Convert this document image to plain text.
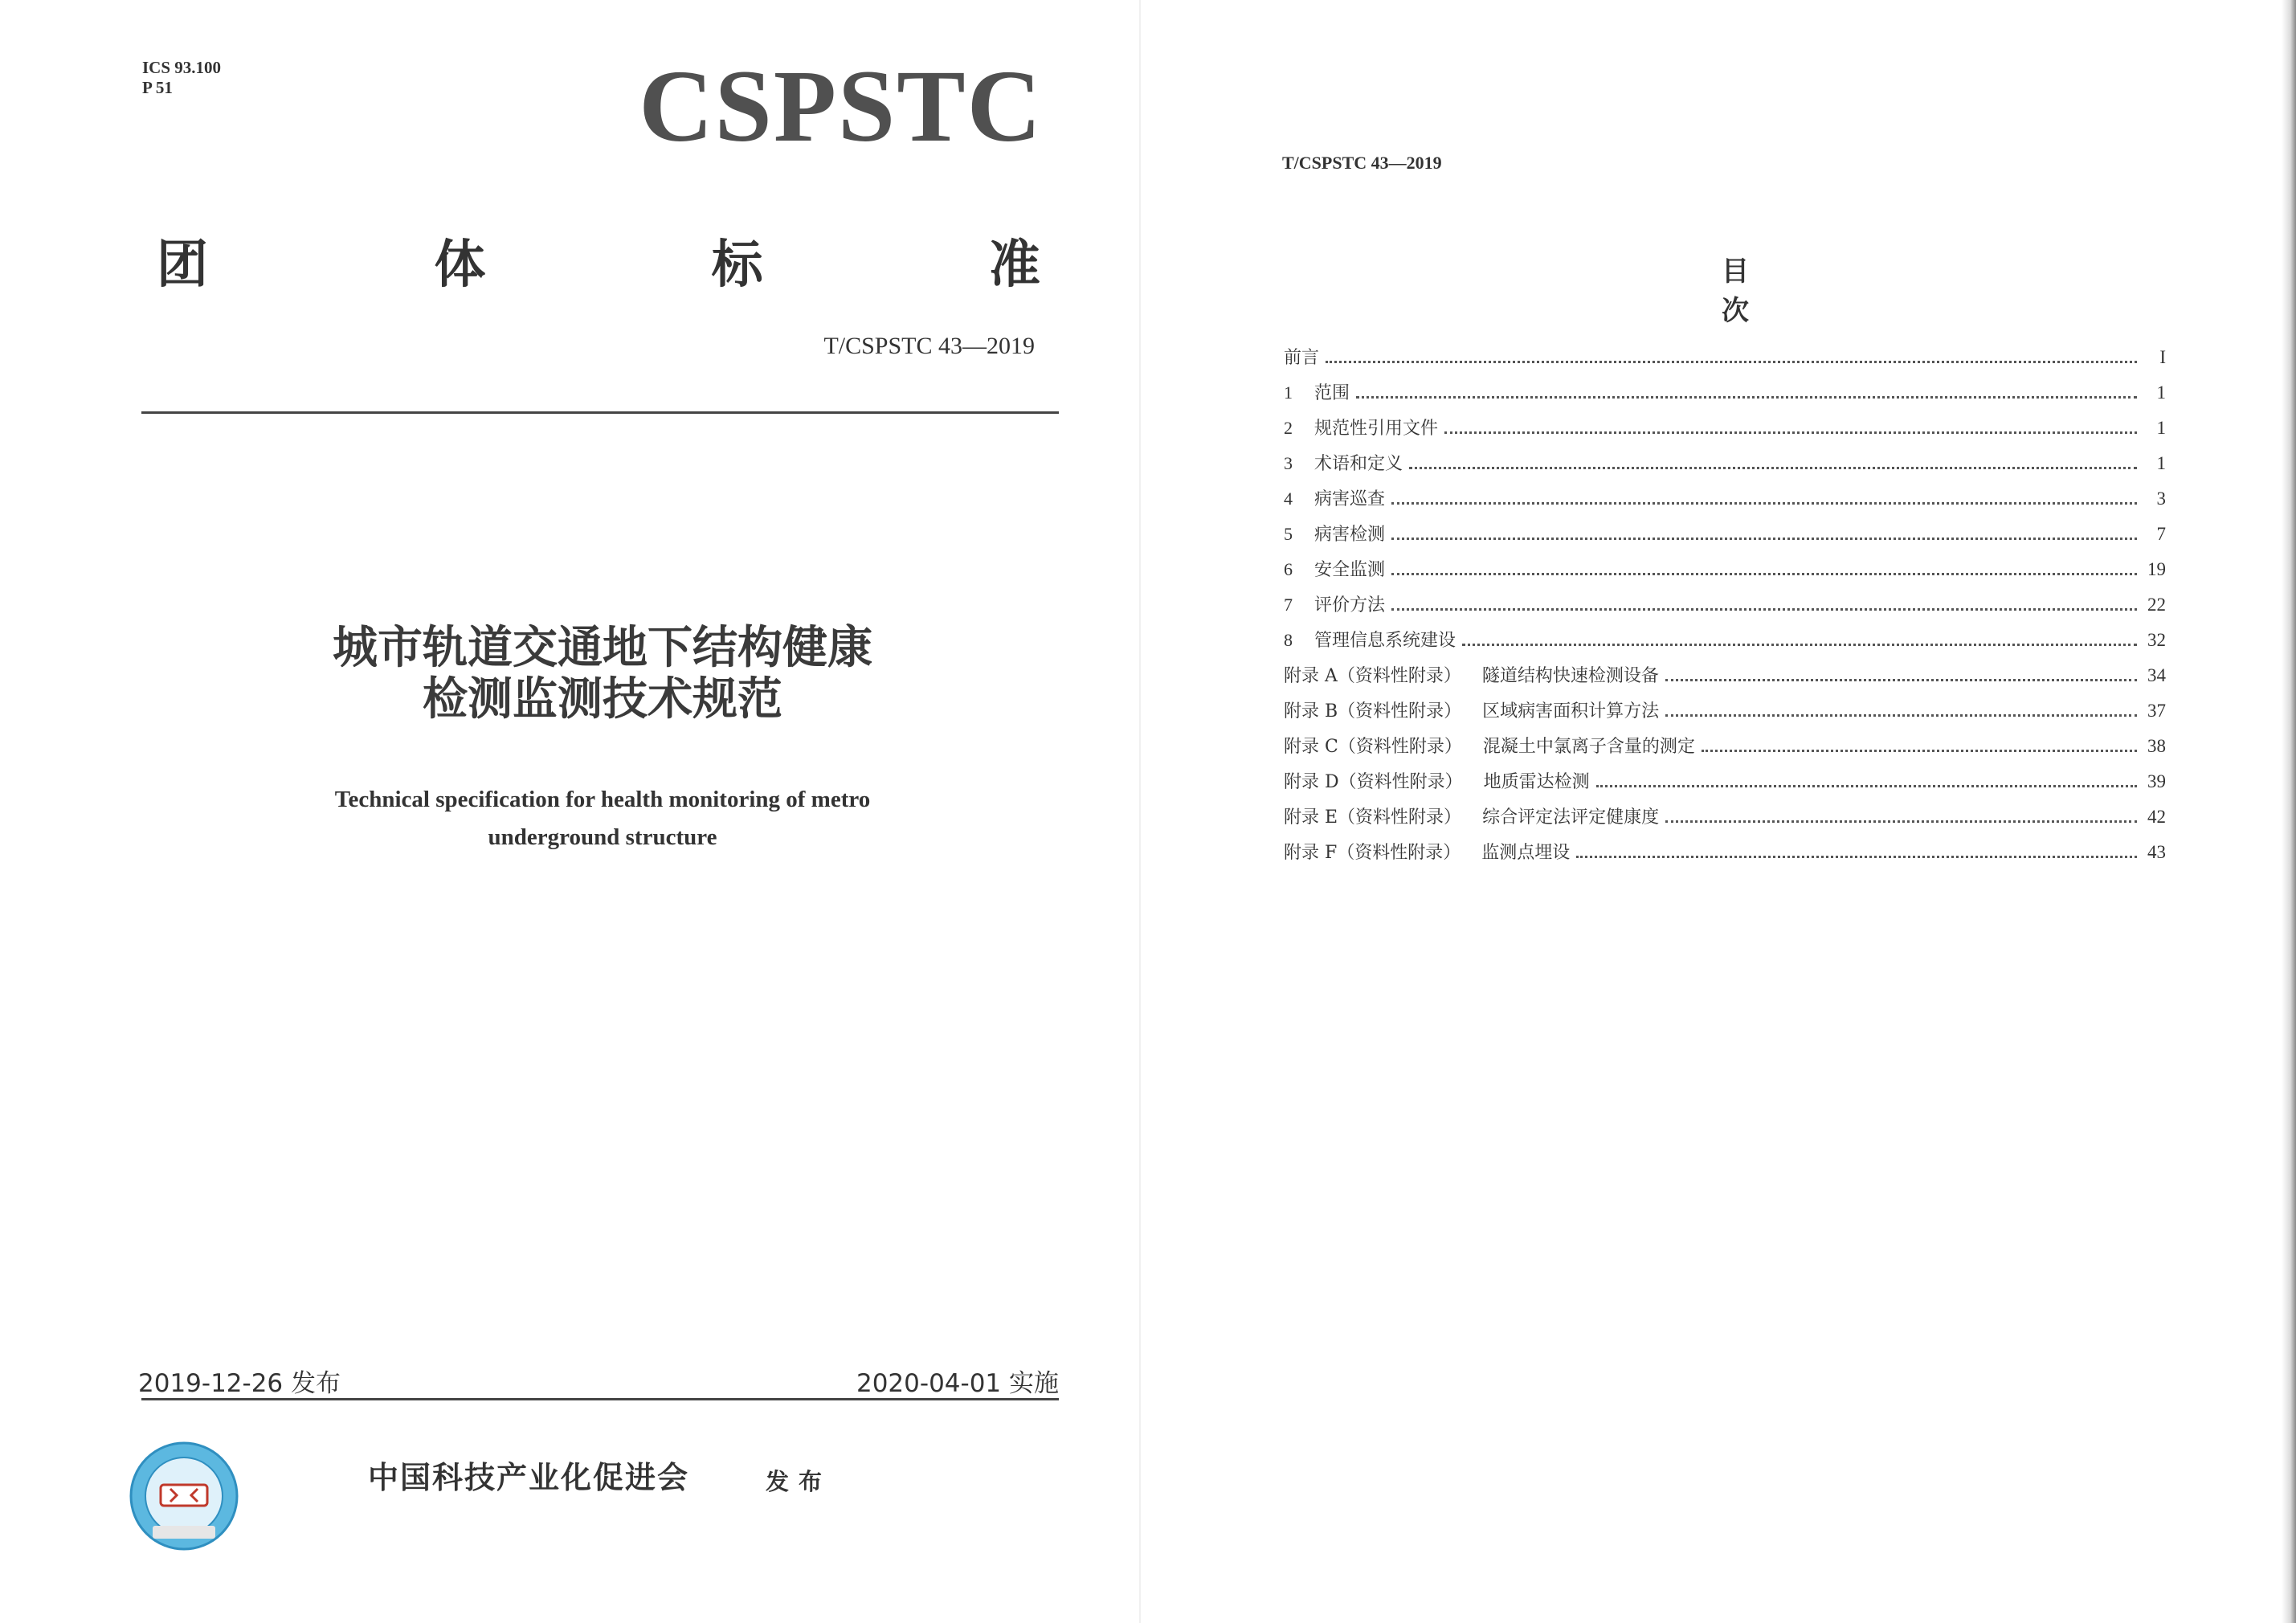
ICS 93.100
P 51	CSPSTC
团	体	标	准
T/CSPSTC 43—2019
城市轨道交通地下结构健康
检测监测技术规范
Technical specification for health monitoring of metro
underground structure
2019-12-26 发布	2020-04-01 实施
中国科技产业化促进会	发布
T/CSPSTC 43—2019
目次
前言	I
1 范围	1
2 规范性引用文件	1
3 术语和定义	1
4 病害巡查	3
5 病害检测	7
6 安全监测	19
7 评价方法	22
8 管理信息系统建设	32
附录 A（资料性附录） 隧道结构快速检测设备	34
附录 B（资料性附录） 区域病害面积计算方法	37
附录 C（资料性附录） 混凝土中氯离子含量的测定	38
附录 D（资料性附录） 地质雷达检测	39
附录 E（资料性附录） 综合评定法评定健康度	42
附录 F（资料性附录） 监测点埋设	43
